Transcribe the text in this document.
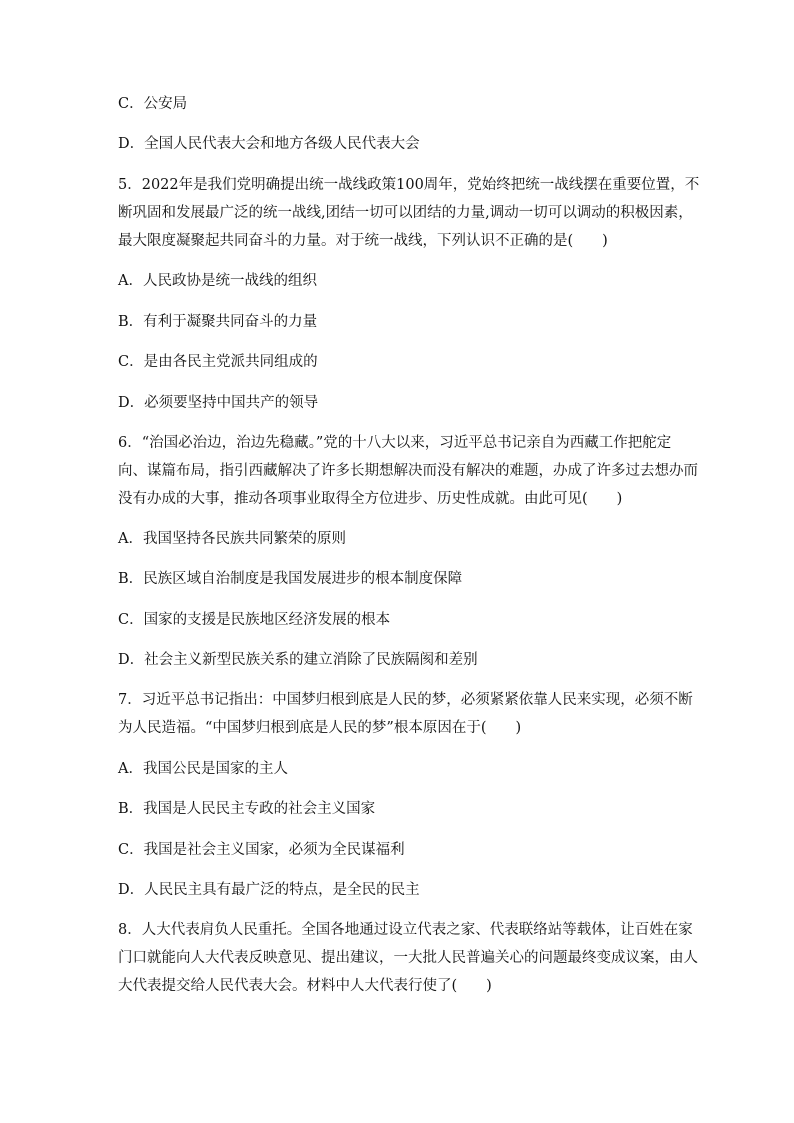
C．公安局
D．全国人民代表大会和地方各级人民代表大会
5．2022年是我们党明确提出统一战线政策100周年，党始终把统一战线摆在重要位置，不
断巩固和发展最广泛的统一战线,团结一切可以团结的力量,调动一切可以调动的积极因素，
最大限度凝聚起共同奋斗的力量。对于统一战线，下列认识不正确的是(　　)
A．人民政协是统一战线的组织
B．有利于凝聚共同奋斗的力量
C．是由各民主党派共同组成的
D．必须要坚持中国共产的领导
6．“治国必治边，治边先稳藏。”党的十八大以来，习近平总书记亲自为西藏工作把舵定
向、谋篇布局，指引西藏解决了许多长期想解决而没有解决的难题，办成了许多过去想办而
没有办成的大事，推动各项事业取得全方位进步、历史性成就。由此可见(　　)
A．我国坚持各民族共同繁荣的原则
B．民族区域自治制度是我国发展进步的根本制度保障
C．国家的支援是民族地区经济发展的根本
D．社会主义新型民族关系的建立消除了民族隔阂和差别
7．习近平总书记指出：中国梦归根到底是人民的梦，必须紧紧依靠人民来实现，必须不断
为人民造福。“中国梦归根到底是人民的梦”根本原因在于(　　)
A．我国公民是国家的主人
B．我国是人民民主专政的社会主义国家
C．我国是社会主义国家，必须为全民谋福利
D．人民民主具有最广泛的特点，是全民的民主
8．人大代表肩负人民重托。全国各地通过设立代表之家、代表联络站等载体，让百姓在家
门口就能向人大代表反映意见、提出建议，一大批人民普遍关心的问题最终变成议案，由人
大代表提交给人民代表大会。材料中人大代表行使了(　　)
